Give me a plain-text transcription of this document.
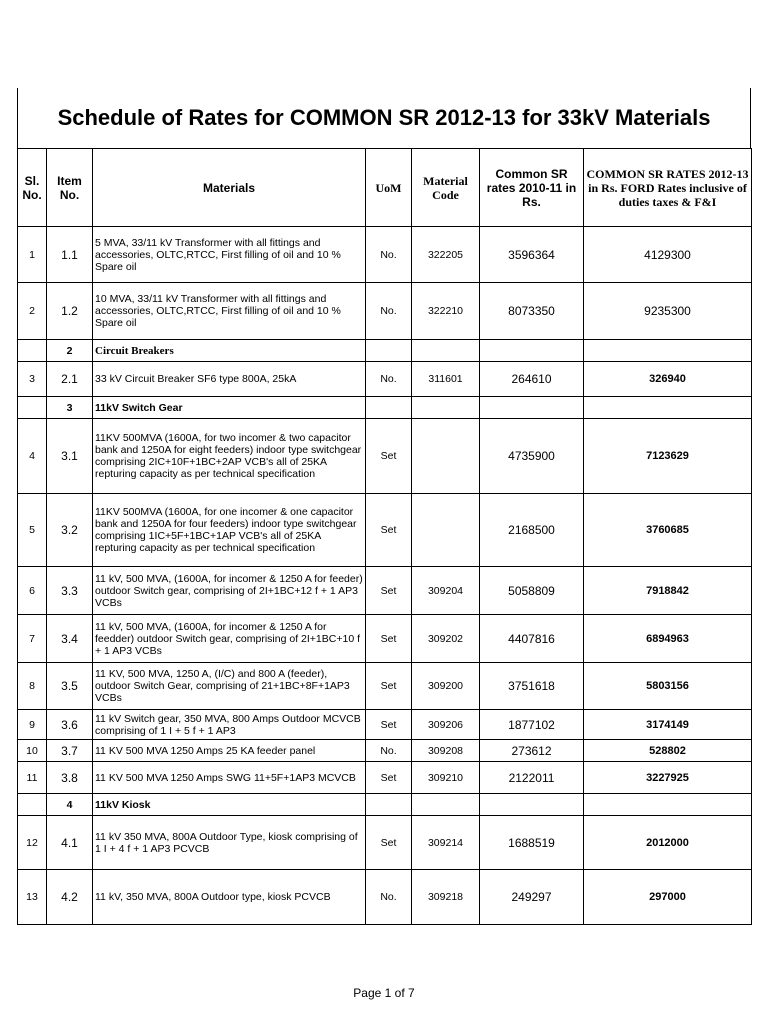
Schedule of Rates for COMMON SR 2012-13 for 33kV Materials
Sl. No.	Item No.	Materials	UoM	Material Code	Common SR rates 2010-11 in Rs.	COMMON SR RATES 2012-13 in Rs. FORD Rates inclusive of duties taxes & F&I
1	1.1	5 MVA, 33/11 kV Transformer with all fittings and accessories, OLTC,RTCC, First filling of oil and 10 % Spare oil	No.	322205	3596364	4129300
2	1.2	10 MVA, 33/11 kV Transformer with all fittings and accessories, OLTC,RTCC, First filling of oil and 10 % Spare oil	No.	322210	8073350	9235300
	2	Circuit Breakers				
3	2.1	33 kV Circuit Breaker SF6 type 800A, 25kA	No.	311601	264610	326940
	3	11kV Switch Gear				
4	3.1	11KV 500MVA (1600A, for two incomer & two capacitor bank and 1250A for eight feeders) indoor type switchgear comprising 2IC+10F+1BC+2AP VCB's all of 25KA repturing capacity as per technical specification	Set		4735900	7123629
5	3.2	11KV 500MVA (1600A, for one incomer & one capacitor bank and 1250A for four feeders) indoor type switchgear comprising 1IC+5F+1BC+1AP VCB's all of 25KA repturing capacity as per technical specification	Set		2168500	3760685
6	3.3	11 kV, 500 MVA, (1600A, for incomer & 1250 A for feeder) outdoor Switch gear, comprising of 2I+1BC+12 f + 1 AP3 VCBs	Set	309204	5058809	7918842
7	3.4	11 kV, 500 MVA, (1600A, for incomer & 1250 A for feedder) outdoor Switch gear, comprising of 2I+1BC+10 f + 1 AP3 VCBs	Set	309202	4407816	6894963
8	3.5	11 KV, 500 MVA, 1250 A, (I/C) and 800 A (feeder), outdoor Switch Gear, comprising of 21+1BC+8F+1AP3 VCBs	Set	309200	3751618	5803156
9	3.6	11 kV Switch gear, 350 MVA, 800 Amps Outdoor MCVCB comprising of 1 I + 5 f + 1 AP3	Set	309206	1877102	3174149
10	3.7	11 KV 500 MVA 1250 Amps 25 KA feeder panel	No.	309208	273612	528802
11	3.8	11 KV 500 MVA 1250 Amps SWG 11+5F+1AP3 MCVCB	Set	309210	2122011	3227925
	4	11kV Kiosk				
12	4.1	11 kV 350 MVA, 800A Outdoor Type, kiosk comprising of 1 I + 4 f + 1 AP3 PCVCB	Set	309214	1688519	2012000
13	4.2	11 kV, 350 MVA, 800A Outdoor type, kiosk PCVCB	No.	309218	249297	297000
Page 1 of 7
